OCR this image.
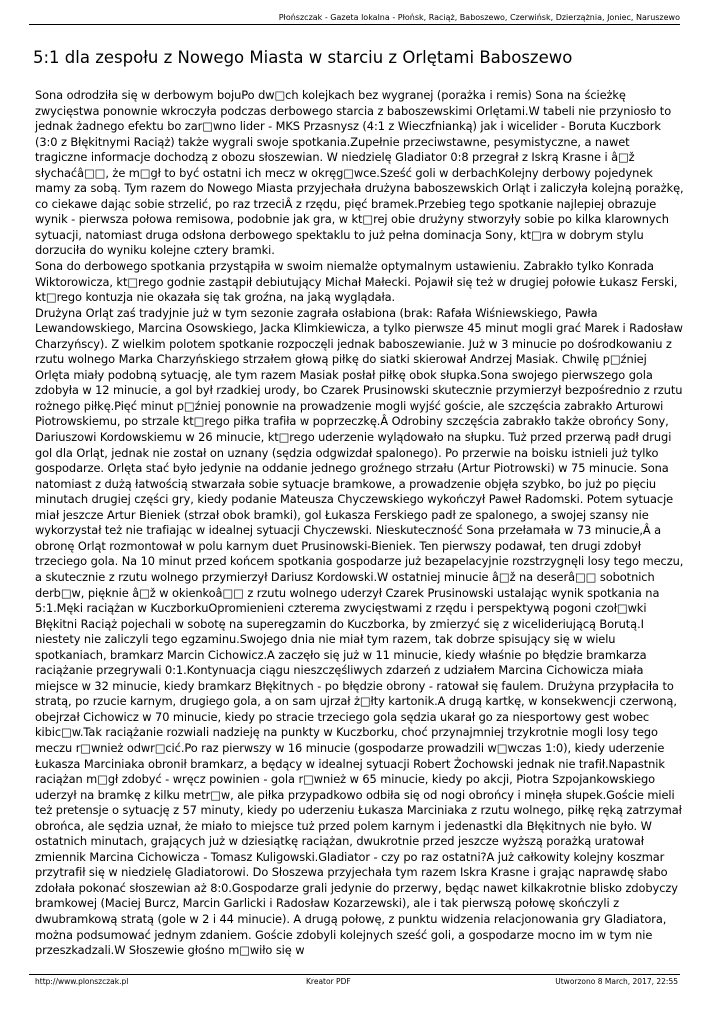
Płońszczak - Gazeta lokalna - Płońsk, Raciąż, Baboszewo, Czerwińsk, Dzierzążnia, Joniec, Naruszewo
5:1 dla zespołu z Nowego Miasta w starciu z Orlętami Baboszewo

Sona odrodziła się w derbowym bojuPo dw□ch kolejkach bez wygranej (porażka i remis) Sona na ścieżkę zwycięstwa ponownie wkroczyła podczas derbowego starcia z baboszewskimi Orlętami.W tabeli nie przyniosło to jednak żadnego efektu bo zar□wno lider - MKS Przasnysz (4:1 z Wieczfnianką) jak i wicelider - Boruta Kuczbork (3:0 z Błękitnymi Raciąż) także wygrali swoje spotkania.Zupełnie przeciwstawne, pesymistyczne, a nawet tragiczne informacje dochodzą z obozu słoszewian. W niedzielę Gladiator 0:8 przegrał z Iskrą Krasne i â□ž słychaćâ□□, że m□gł to być ostatni ich mecz w okręg□wce.Sześć goli w derbachKolejny derbowy pojedynek mamy za sobą. Tym razem do Nowego Miasta przyjechała drużyna baboszewskich Orląt i zaliczyła kolejną porażkę, co ciekawe dając sobie strzelić, po raz trzeciÂ z rzędu, pięć bramek.Przebieg tego spotkanie najlepiej obrazuje wynik - pierwsza połowa remisowa, podobnie jak gra, w kt□rej obie drużyny stworzyły sobie po kilka klarownych sytuacji, natomiast druga odsłona derbowego spektaklu to już pełna dominacja Sony, kt□ra w dobrym stylu dorzuciła do wyniku kolejne cztery bramki.

Sona do derbowego spotkania przystąpiła w swoim niemalże optymalnym ustawieniu. Zabrakło tylko Konrada Wiktorowicza, kt□rego godnie zastąpił debiutujący Michał Małecki. Pojawił się też w drugiej połowie Łukasz Ferski, kt□rego kontuzja nie okazała się tak groźna, na jaką wyglądała.

Drużyna Orląt zaś tradyjnie już w tym sezonie zagrała osłabiona (brak: Rafała Wiśniewskiego, Pawła Lewandowskiego, Marcina Osowskiego, Jacka Klimkiewicza, a tylko pierwsze 45 minut mogli grać Marek i Radosław Charzyńscy). Z wielkim polotem spotkanie rozpoczęli jednak baboszewianie. Już w 3 minucie po dośrodkowaniu z rzutu wolnego Marka Charzyńskiego strzałem głową piłkę do siatki skierował Andrzej Masiak. Chwilę p□źniej Orlęta miały podobną sytuację, ale tym razem Masiak posłał piłkę obok słupka.Sona swojego pierwszego gola zdobyła w 12 minucie, a gol był rzadkiej urody, bo Czarek Prusinowski skutecznie przymierzył bezpośrednio z rzutu rożnego piłkę.Pięć minut p□źniej ponownie na prowadzenie mogli wyjść goście, ale szczęścia zabrakło Arturowi Piotrowskiemu, po strzale kt□rego piłka trafiła w poprzeczkę.Â Odrobiny szczęścia zabrakło także obrońcy Sony, Dariuszowi Kordowskiemu w 26 minucie, kt□rego uderzenie wylądowało na słupku. Tuż przed przerwą padł drugi gol dla Orląt, jednak nie został on uznany (sędzia odgwizdał spalonego). Po przerwie na boisku istnieli już tylko gospodarze. Orlęta stać było jedynie na oddanie jednego groźnego strzału (Artur Piotrowski) w 75 minucie. Sona natomiast z dużą łatwością stwarzała sobie sytuacje bramkowe, a prowadzenie objęła szybko, bo już po pięciu minutach drugiej części gry, kiedy podanie Mateusza Chyczewskiego wykończył Paweł Radomski. Potem sytuacje miał jeszcze Artur Bieniek (strzał obok bramki), gol Łukasza Ferskiego padł ze spalonego, a swojej szansy nie wykorzystał też nie trafiając w idealnej sytuacji Chyczewski. Nieskuteczność Sona przełamała w 73 minucie,Â a obronę Orląt rozmontował w polu karnym duet Prusinowski-Bieniek. Ten pierwszy podawał, ten drugi zdobył trzeciego gola. Na 10 minut przed końcem spotkania gospodarze już bezapelacyjnie rozstrzygnęli losy tego meczu, a skutecznie z rzutu wolnego przymierzył Dariusz Kordowski.W ostatniej minucie â□ž na deserâ□□ sobotnich derb□w, pięknie â□ž w okienkoâ□□ z rzutu wolnego uderzył Czarek Prusinowski ustalając wynik spotkania na 5:1.Męki raciążan w KuczborkuOpromienieni czterema zwycięstwami z rzędu i perspektywą pogoni czoł□wki Błękitni Raciąż pojechali w sobotę na superegzamin do Kuczborka, by zmierzyć się z wicelideriującą Borutą.I niestety nie zaliczyli tego egzaminu.Swojego dnia nie miał tym razem, tak dobrze spisujący się w wielu spotkaniach, bramkarz Marcin Cichowicz.A zaczęło się już w 11 minucie, kiedy właśnie po błędzie bramkarza raciążanie przegrywali 0:1.Kontynuacja ciągu nieszczęśliwych zdarzeń z udziałem Marcina Cichowicza miała miejsce w 32 minucie, kiedy bramkarz Błękitnych - po błędzie obrony - ratował się faulem. Drużyna przypłaciła to stratą, po rzucie karnym, drugiego gola, a on sam ujrzał ż□łty kartonik.A drugą kartkę, w konsekwencji czerwoną, obejrzał Cichowicz w 70 minucie, kiedy po stracie trzeciego gola sędzia ukarał go za niesportowy gest wobec kibic□w.Tak raciążanie rozwiali nadzieję na punkty w Kuczborku, choć przynajmniej trzykrotnie mogli losy tego meczu r□wnież odwr□cić.Po raz pierwszy w 16 minucie (gospodarze prowadzili w□wczas 1:0), kiedy uderzenie Łukasza Marciniaka obronił bramkarz, a będący w idealnej sytuacji Robert Żochowski jednak nie trafił.Napastnik raciążan m□gł zdobyć - wręcz powinien - gola r□wnież w 65 minucie, kiedy po akcji, Piotra Szpojankowskiego uderzył na bramkę z kilku metr□w, ale piłka przypadkowo odbiła się od nogi obrońcy i minęła słupek.Goście mieli też pretensje o sytuację z 57 minuty, kiedy po uderzeniu Łukasza Marciniaka z rzutu wolnego, piłkę ręką zatrzymał obrońca, ale sędzia uznał, że miało to miejsce tuż przed polem karnym i jedenastki dla Błękitnych nie było. W ostatnich minutach, grających już w dziesiątkę raciążan, dwukrotnie przed jeszcze wyższą porażką uratował zmiennik Marcina Cichowicza - Tomasz Kuligowski.Gladiator - czy po raz ostatni?A już całkowity kolejny koszmar przytrafił się w niedzielę Gladiatorowi. Do Słoszewa przyjechała tym razem Iskra Krasne i grając naprawdę słabo zdołała pokonać słoszewian aż 8:0.Gospodarze grali jedynie do przerwy, będąc nawet kilkakrotnie blisko zdobyczy bramkowej (Maciej Burcz, Marcin Garlicki i Radosław Kozarzewski), ale i tak pierwszą połowę skończyli z dwubramkową stratą (gole w 2 i 44 minucie). A drugą połowę, z punktu widzenia relacjonowania gry Gladiatora, można podsumować jednym zdaniem. Goście zdobyli kolejnych sześć goli, a gospodarze mocno im w tym nie przeszkadzali.W Słoszewie głośno m□wiło się w

http://www.plonszczak.pl	Kreator PDF	Utworzono 8 March, 2017, 22:55
